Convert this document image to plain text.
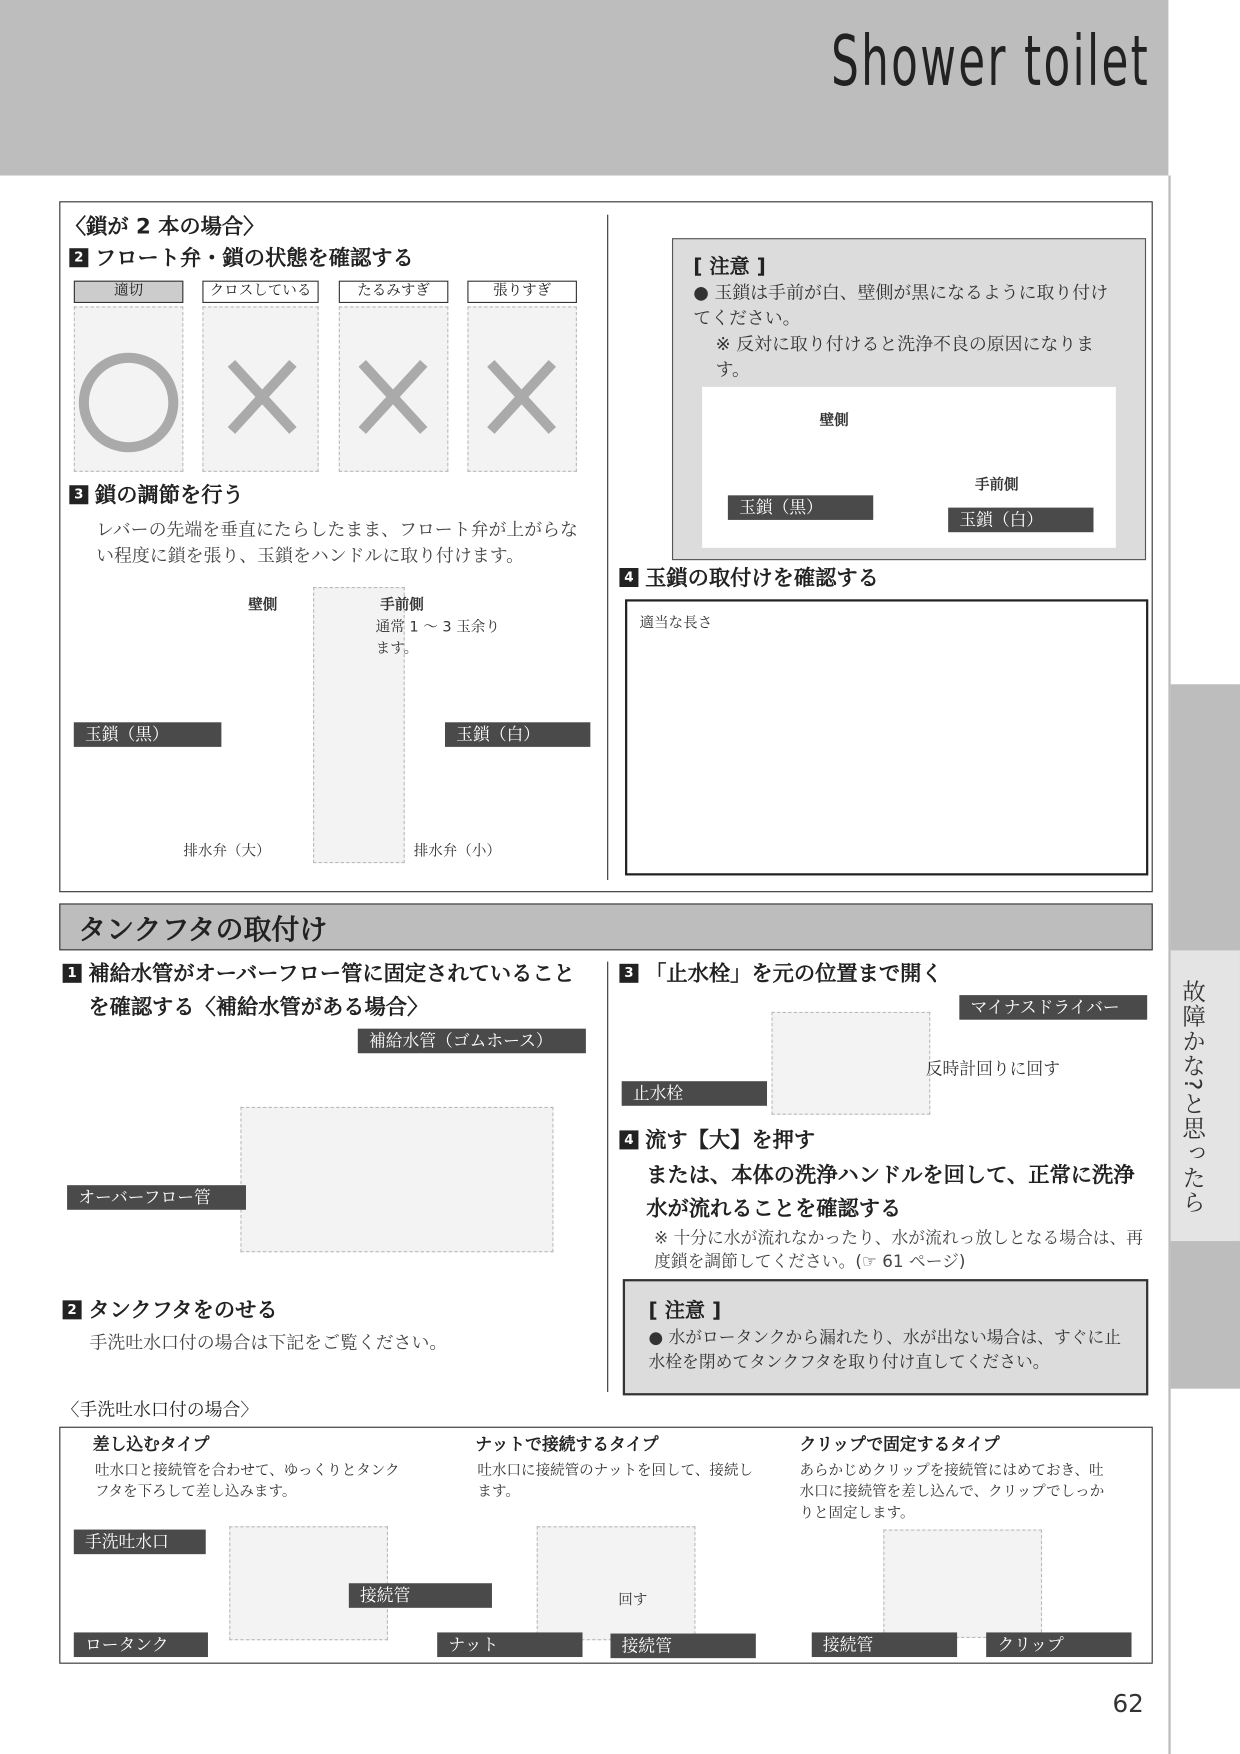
Shower toilet
故障かな?と思ったら
〈鎖が 2 本の場合〉
2 フロート弁・鎖の状態を確認する
適切	クロスしている	たるみすぎ	張りすぎ
3 鎖の調節を行う
レバーの先端を垂直にたらしたまま、フロート弁が上がらない程度に鎖を張り、玉鎖をハンドルに取り付けます。
壁側	手前側
通常 1 ～ 3 玉余ります。
玉鎖（黒）	玉鎖（白）
排水弁（大）	排水弁（小）
[ 注意 ]
● 玉鎖は手前が白、壁側が黒になるように取り付けてください。
※ 反対に取り付けると洗浄不良の原因になります。
壁側
手前側
玉鎖（黒）
玉鎖（白）
4 玉鎖の取付けを確認する
適当な長さ
タンクフタの取付け
1 補給水管がオーバーフロー管に固定されていることを確認する〈補給水管がある場合〉
補給水管（ゴムホース）
オーバーフロー管
2 タンクフタをのせる
手洗吐水口付の場合は下記をご覧ください。
3 「止水栓」を元の位置まで開く
マイナスドライバー
止水栓
反時計回りに回す
4 流す【大】を押す
または、本体の洗浄ハンドルを回して、正常に洗浄水が流れることを確認する
※ 十分に水が流れなかったり、水が流れっ放しとなる場合は、再度鎖を調節してください。(☞ 61 ページ)
[ 注意 ]
● 水がロータンクから漏れたり、水が出ない場合は、すぐに止水栓を閉めてタンクフタを取り付け直してください。
〈手洗吐水口付の場合〉
差し込むタイプ
吐水口と接続管を合わせて、ゆっくりとタンクフタを下ろして差し込みます。
手洗吐水口
接続管
ロータンク
ナットで接続するタイプ
吐水口に接続管のナットを回して、接続します。
回す
ナット	接続管
クリップで固定するタイプ
あらかじめクリップを接続管にはめておき、吐水口に接続管を差し込んで、クリップでしっかりと固定します。
接続管	クリップ
62
